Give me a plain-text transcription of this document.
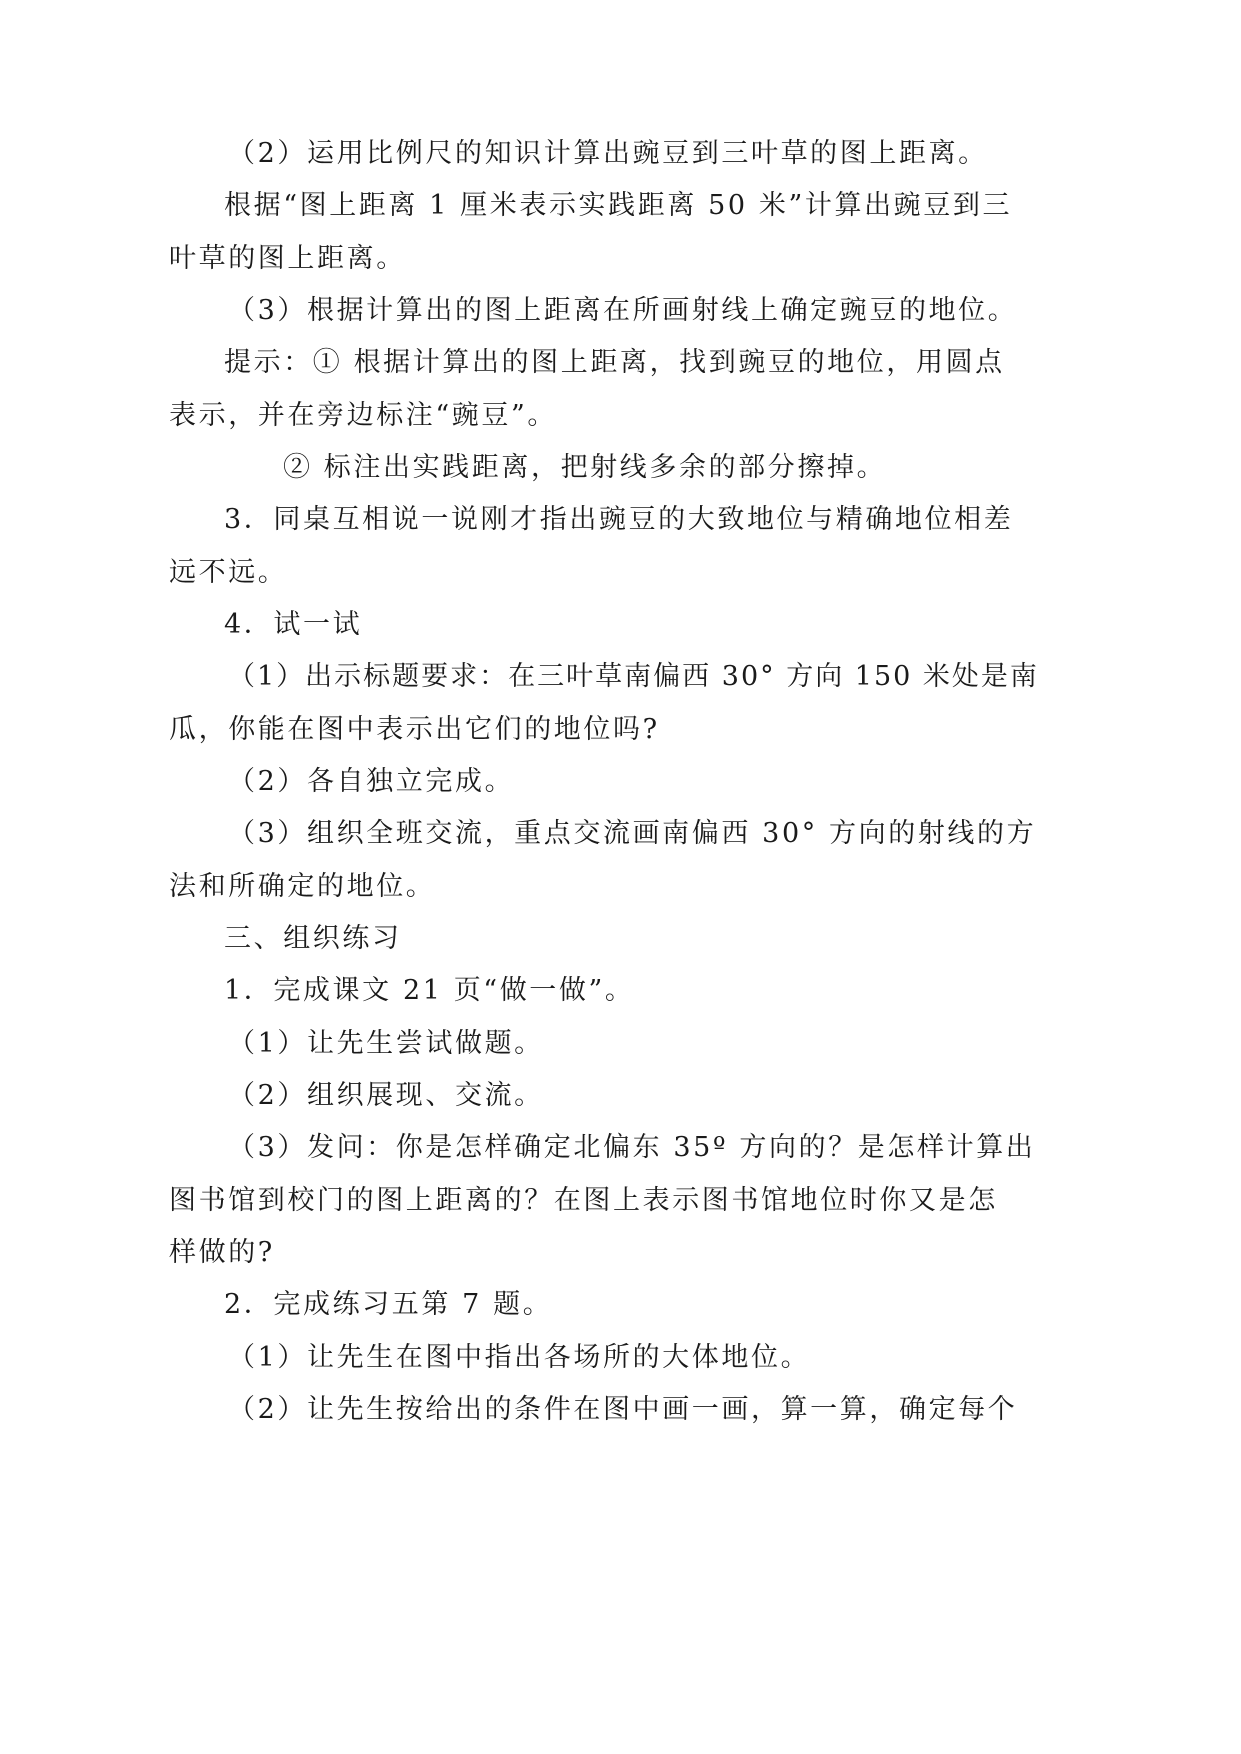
（2）运用比例尺的知识计算出豌豆到三叶草的图上距离。
根据“图上距离 1 厘米表示实践距离 50 米”计算出豌豆到三
叶草的图上距离。
（3）根据计算出的图上距离在所画射线上确定豌豆的地位。
提示：① 根据计算出的图上距离，找到豌豆的地位，用圆点
表示，并在旁边标注“豌豆”。
② 标注出实践距离，把射线多余的部分擦掉。
3．同桌互相说一说刚才指出豌豆的大致地位与精确地位相差
远不远。
4．试一试
（1）出示标题要求：在三叶草南偏西 30° 方向 150 米处是南
瓜，你能在图中表示出它们的地位吗?
（2）各自独立完成。
（3）组织全班交流，重点交流画南偏西 30° 方向的射线的方
法和所确定的地位。
三、组织练习
1．完成课文 21 页“做一做”。
（1）让先生尝试做题。
（2）组织展现、交流。
（3）发问：你是怎样确定北偏东 35º 方向的？是怎样计算出
图书馆到校门的图上距离的？在图上表示图书馆地位时你又是怎
样做的?
2．完成练习五第 7 题。
（1）让先生在图中指出各场所的大体地位。
（2）让先生按给出的条件在图中画一画，算一算，确定每个
